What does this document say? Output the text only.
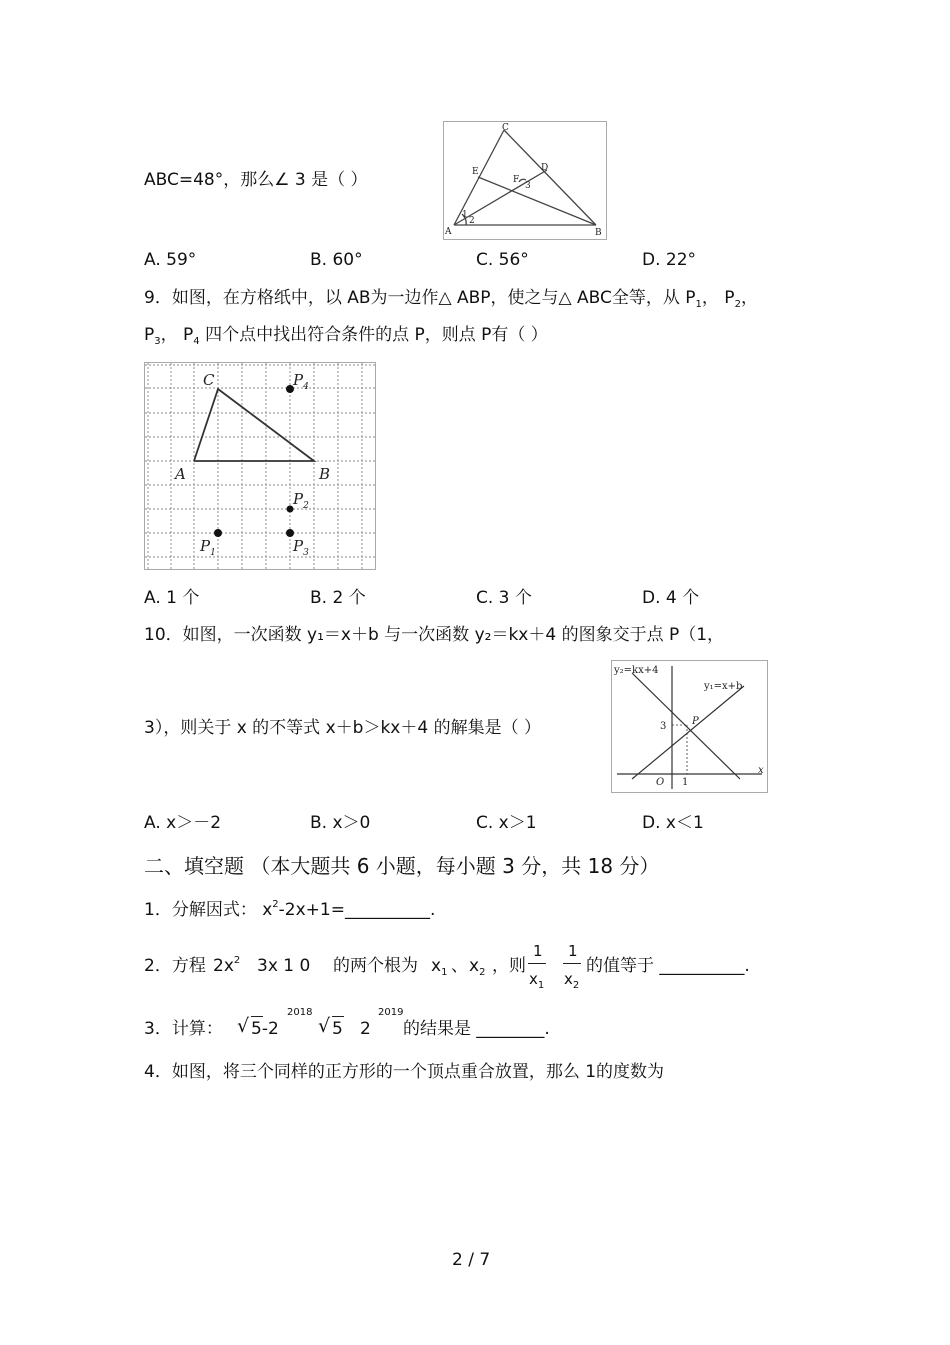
ABC=48°，那么∠ 3 是（ ）
A	B
C
D
E
F
1
2
3
A. 59°	B. 60°	C. 56°	D. 22°
9．如图，在方格纸中，以 AB为一边作△ ABP，使之与△ ABC全等，从 $P_1$， $P_2$，
$P_3$， $P_4$ 四个点中找出符合条件的点 P，则点 P有（ ）
C
A	B
$P_4$
$P_2$
$P_1$	$P_3$
A. 1 个	B. 2 个	C. 3 个	D. 4 个
10．如图，一次函数 y₁＝x＋b 与一次函数 y₂＝kx＋4 的图象交于点 P（1，
3），则关于 x 的不等式 x＋b＞kx＋4 的解集是（ ）
y₂=kx+4
y₁=x+b
x
O 1
3	P
A. x＞－2	B. x＞0	C. x＞1	D. x＜1
二、填空题 （本大题共 6 小题，每小题 3 分，共 18 分）
1．分解因式： $x^2-2x+1=\_\_\_\_\_\_\_\_\_\_$.
2．方程 $2x^2$ 3x 1 0 的两个根为 $x_1$ 、 $x_2$ ，则
1
$x_1$
1
$x_2$
的值等于 __________.
3．计算： √ 5-2
2018
√ 5 2
2019
的结果是 ________.
4．如图，将三个同样的正方形的一个顶点重合放置，那么 1的度数为
2 / 7
